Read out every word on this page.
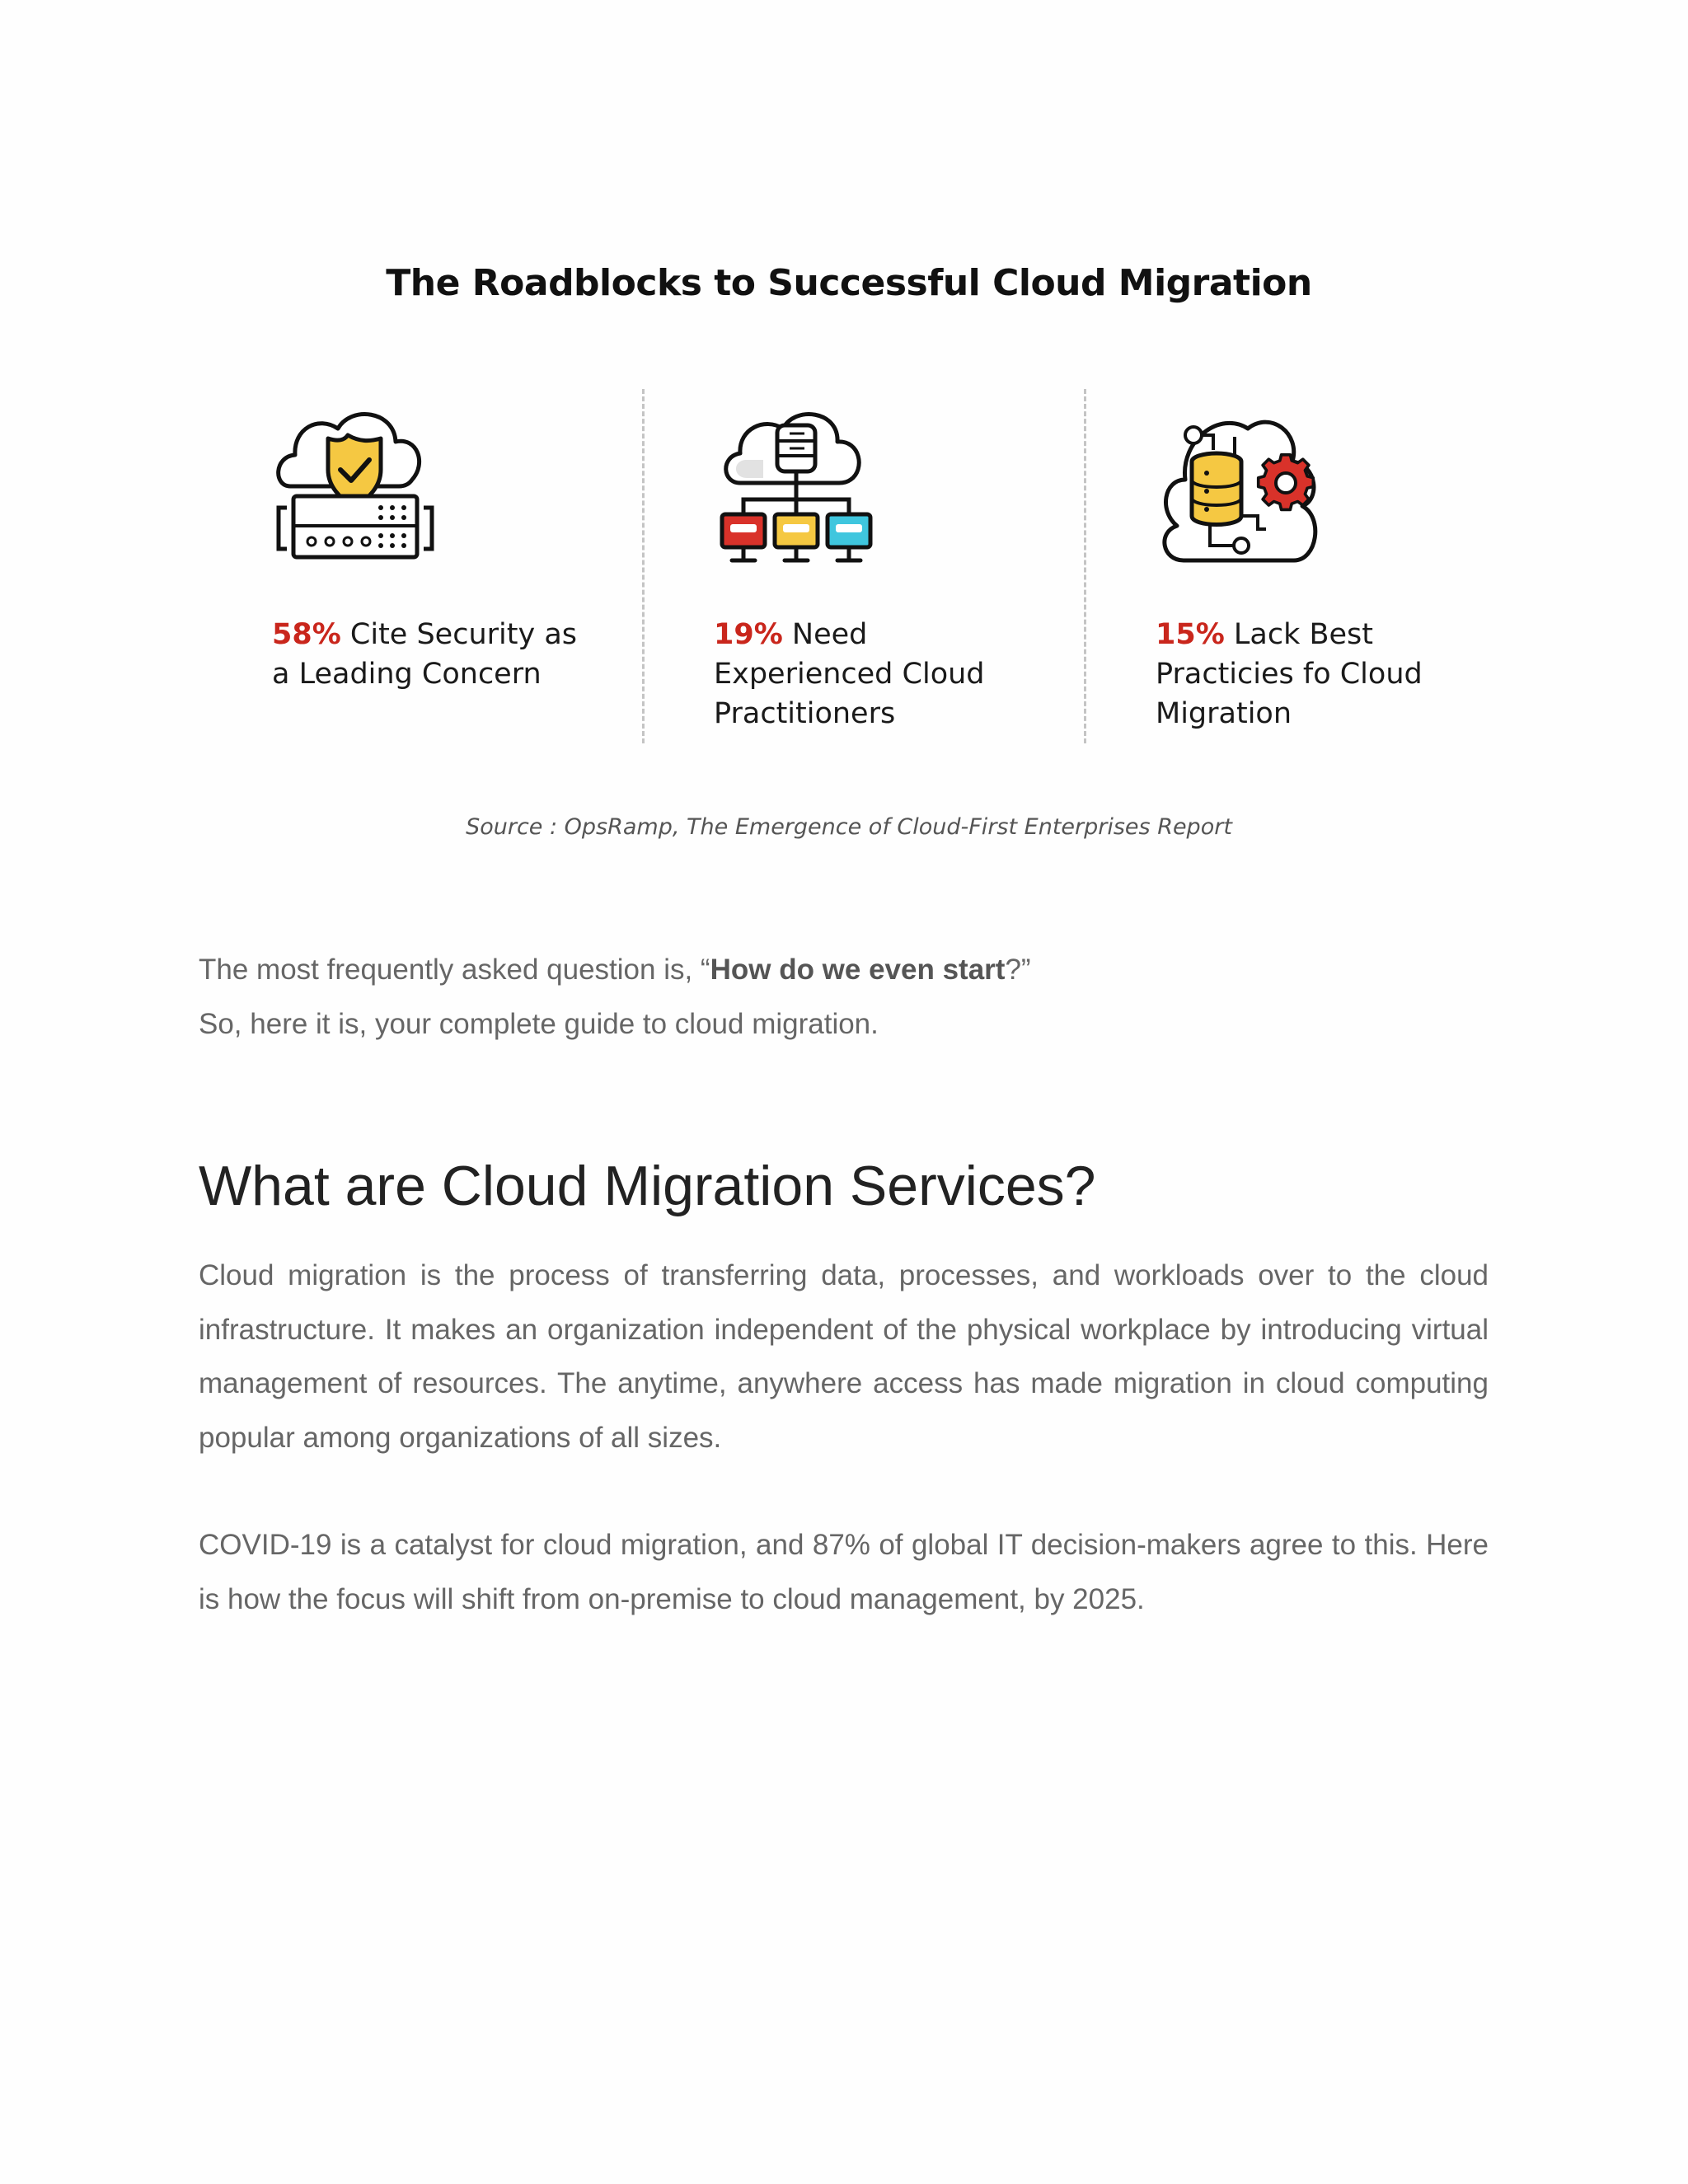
The Roadblocks to Successful Cloud Migration
58% Cite Security as
a Leading Concern
19% Need
Experienced Cloud
Practitioners
15% Lack Best
Practicies fo Cloud
Migration
Source : OpsRamp, The Emergence of Cloud-First Enterprises Report
The most frequently asked question is, “How do we even start?”
So, here it is, your complete guide to cloud migration.
What are Cloud Migration Services?

Cloud migration is the process of transferring data, processes, and workloads over to the cloud infrastructure. It makes an organization independent of the physical workplace by introducing virtual management of resources. The anytime, anywhere access has made migration in cloud computing popular among organizations of all sizes.

COVID-19 is a catalyst for cloud migration, and 87% of global IT decision-makers agree to this. Here is how the focus will shift from on-premise to cloud management, by 2025.
